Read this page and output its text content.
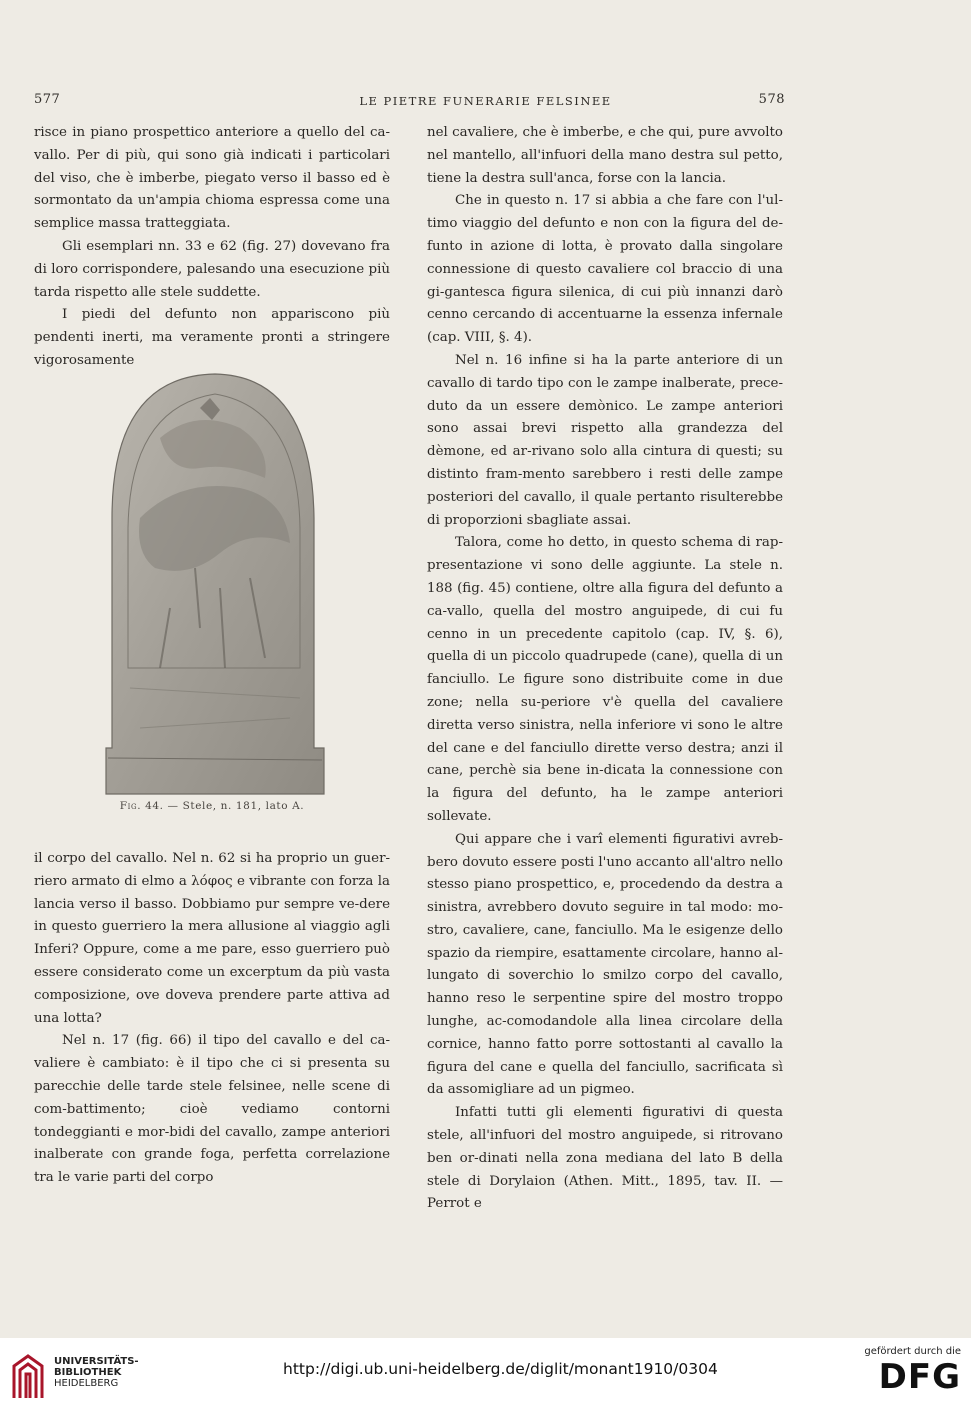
577	LE PIETRE FUNERARIE FELSINEE	578

risce in piano prospettico anteriore a quello del ca-vallo. Per di più, qui sono già indicati i particolari del viso, che è imberbe, piegato verso il basso ed è sormontato da un'ampia chioma espressa come una semplice massa tratteggiata.

Gli esemplari nn. 33 e 62 (fig. 27) dovevano fra di loro corrispondere, palesando una esecuzione più tarda rispetto alle stele suddette.

I piedi del defunto non appariscono più pendenti inerti, ma veramente pronti a stringere vigorosamente

Fig. 44. — Stele, n. 181, lato A.

il corpo del cavallo. Nel n. 62 si ha proprio un guer-riero armato di elmo a λόφος e vibrante con forza la lancia verso il basso. Dobbiamo pur sempre ve-dere in questo guerriero la mera allusione al viaggio agli Inferi? Oppure, come a me pare, esso guerriero può essere considerato come un excerptum da più vasta composizione, ove doveva prendere parte attiva ad una lotta?

Nel n. 17 (fig. 66) il tipo del cavallo e del ca-valiere è cambiato: è il tipo che ci si presenta su parecchie delle tarde stele felsinee, nelle scene di com-battimento; cioè vediamo contorni tondeggianti e mor-bidi del cavallo, zampe anteriori inalberate con grande foga, perfetta correlazione tra le varie parti del corpo

nel cavaliere, che è imberbe, e che qui, pure avvolto nel mantello, all'infuori della mano destra sul petto, tiene la destra sull'anca, forse con la lancia.

Che in questo n. 17 si abbia a che fare con l'ul-timo viaggio del defunto e non con la figura del de-funto in azione di lotta, è provato dalla singolare connessione di questo cavaliere col braccio di una gi-gantesca figura silenica, di cui più innanzi darò cenno cercando di accentuarne la essenza infernale (cap. VIII, §. 4).

Nel n. 16 infine si ha la parte anteriore di un cavallo di tardo tipo con le zampe inalberate, prece-duto da un essere demònico. Le zampe anteriori sono assai brevi rispetto alla grandezza del dèmone, ed ar-rivano solo alla cintura di questi; su distinto fram-mento sarebbero i resti delle zampe posteriori del cavallo, il quale pertanto risulterebbe di proporzioni sbagliate assai.

Talora, come ho detto, in questo schema di rap-presentazione vi sono delle aggiunte. La stele n. 188 (fig. 45) contiene, oltre alla figura del defunto a ca-vallo, quella del mostro anguipede, di cui fu cenno in un precedente capitolo (cap. IV, §. 6), quella di un piccolo quadrupede (cane), quella di un fanciullo. Le figure sono distribuite come in due zone; nella su-periore v'è quella del cavaliere diretta verso sinistra, nella inferiore vi sono le altre del cane e del fanciullo dirette verso destra; anzi il cane, perchè sia bene in-dicata la connessione con la figura del defunto, ha le zampe anteriori sollevate.

Qui appare che i varî elementi figurativi avreb-bero dovuto essere posti l'uno accanto all'altro nello stesso piano prospettico, e, procedendo da destra a sinistra, avrebbero dovuto seguire in tal modo: mo-stro, cavaliere, cane, fanciullo. Ma le esigenze dello spazio da riempire, esattamente circolare, hanno al-lungato di soverchio lo smilzo corpo del cavallo, hanno reso le serpentine spire del mostro troppo lunghe, ac-comodandole alla linea circolare della cornice, hanno fatto porre sottostanti al cavallo la figura del cane e quella del fanciullo, sacrificata sì da assomigliare ad un pigmeo.

Infatti tutti gli elementi figurativi di questa stele, all'infuori del mostro anguipede, si ritrovano ben or-dinati nella zona mediana del lato B della stele di Dorylaion (Athen. Mitt., 1895, tav. II. — Perrot e

UNIVERSITÄTS-
BIBLIOTHEK
HEIDELBERG
http://digi.ub.uni-heidelberg.de/diglit/monant1910/0304
gefördert durch die
DFG
